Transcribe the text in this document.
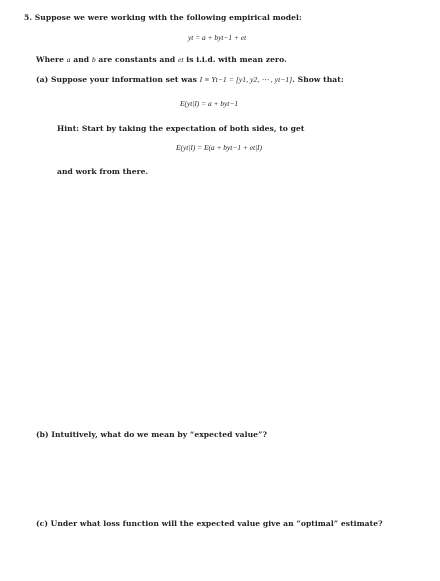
5. Suppose we were working with the following empirical model:
yt = a + byt−1 + et
Where a and b are constants and et is i.i.d. with mean zero.
(a) Suppose your information set was I ≡ Yt−1 = [y1, y2, ⋯ , yt−1]. Show that:
E(yt|I) = a + byt−1
Hint: Start by taking the expectation of both sides, to get
E(yt|I) = E(a + byt−1 + et|I)
and work from there.
(b) Intuitively, what do we mean by “expected value”?
(c) Under what loss function will the expected value give an “optimal” estimate?
